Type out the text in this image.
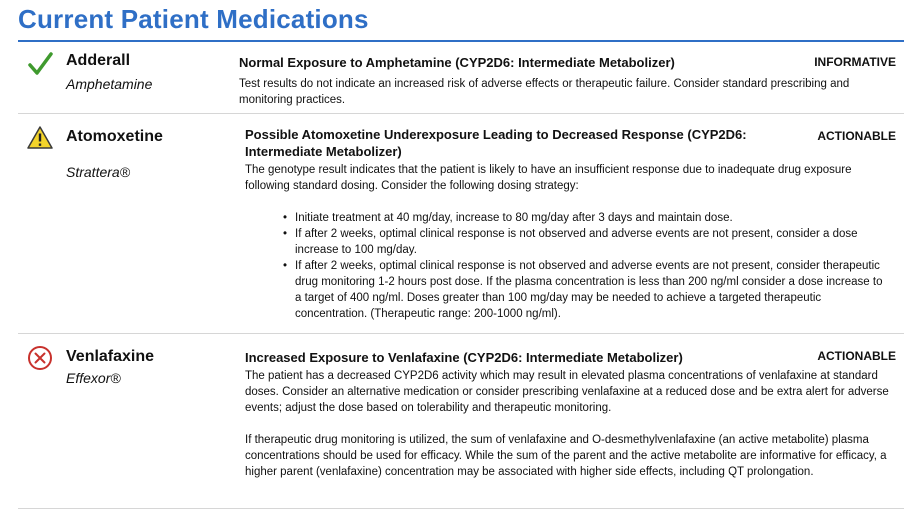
Current Patient Medications
Adderall
Amphetamine
Normal Exposure to Amphetamine (CYP2D6: Intermediate Metabolizer)	INFORMATIVE
Test results do not indicate an increased risk of adverse effects or therapeutic failure. Consider standard prescribing and monitoring practices.
Atomoxetine
Strattera®
Possible Atomoxetine Underexposure Leading to Decreased Response (CYP2D6: Intermediate Metabolizer)
ACTIONABLE
The genotype result indicates that the patient is likely to have an insufficient response due to inadequate drug exposure following standard dosing. Consider the following dosing strategy:
• Initiate treatment at 40 mg/day, increase to 80 mg/day after 3 days and maintain dose.
• If after 2 weeks, optimal clinical response is not observed and adverse events are not present, consider a dose increase to 100 mg/day.
• If after 2 weeks, optimal clinical response is not observed and adverse events are not present, consider therapeutic drug monitoring 1-2 hours post dose. If the plasma concentration is less than 200 ng/ml consider a dose increase to a target of 400 ng/ml. Doses greater than 100 mg/day may be needed to achieve a targeted therapeutic concentration. (Therapeutic range: 200-1000 ng/ml).
Venlafaxine
Effexor®
Increased Exposure to Venlafaxine (CYP2D6: Intermediate Metabolizer)	ACTIONABLE
The patient has a decreased CYP2D6 activity which may result in elevated plasma concentrations of venlafaxine at standard doses. Consider an alternative medication or consider prescribing venlafaxine at a reduced dose and be extra alert for adverse events; adjust the dose based on tolerability and therapeutic monitoring.
If therapeutic drug monitoring is utilized, the sum of venlafaxine and O-desmethylvenlafaxine (an active metabolite) plasma concentrations should be used for efficacy. While the sum of the parent and the active metabolite are informative for efficacy, a higher parent (venlafaxine) concentration may be associated with higher side effects, including QT prolongation.
